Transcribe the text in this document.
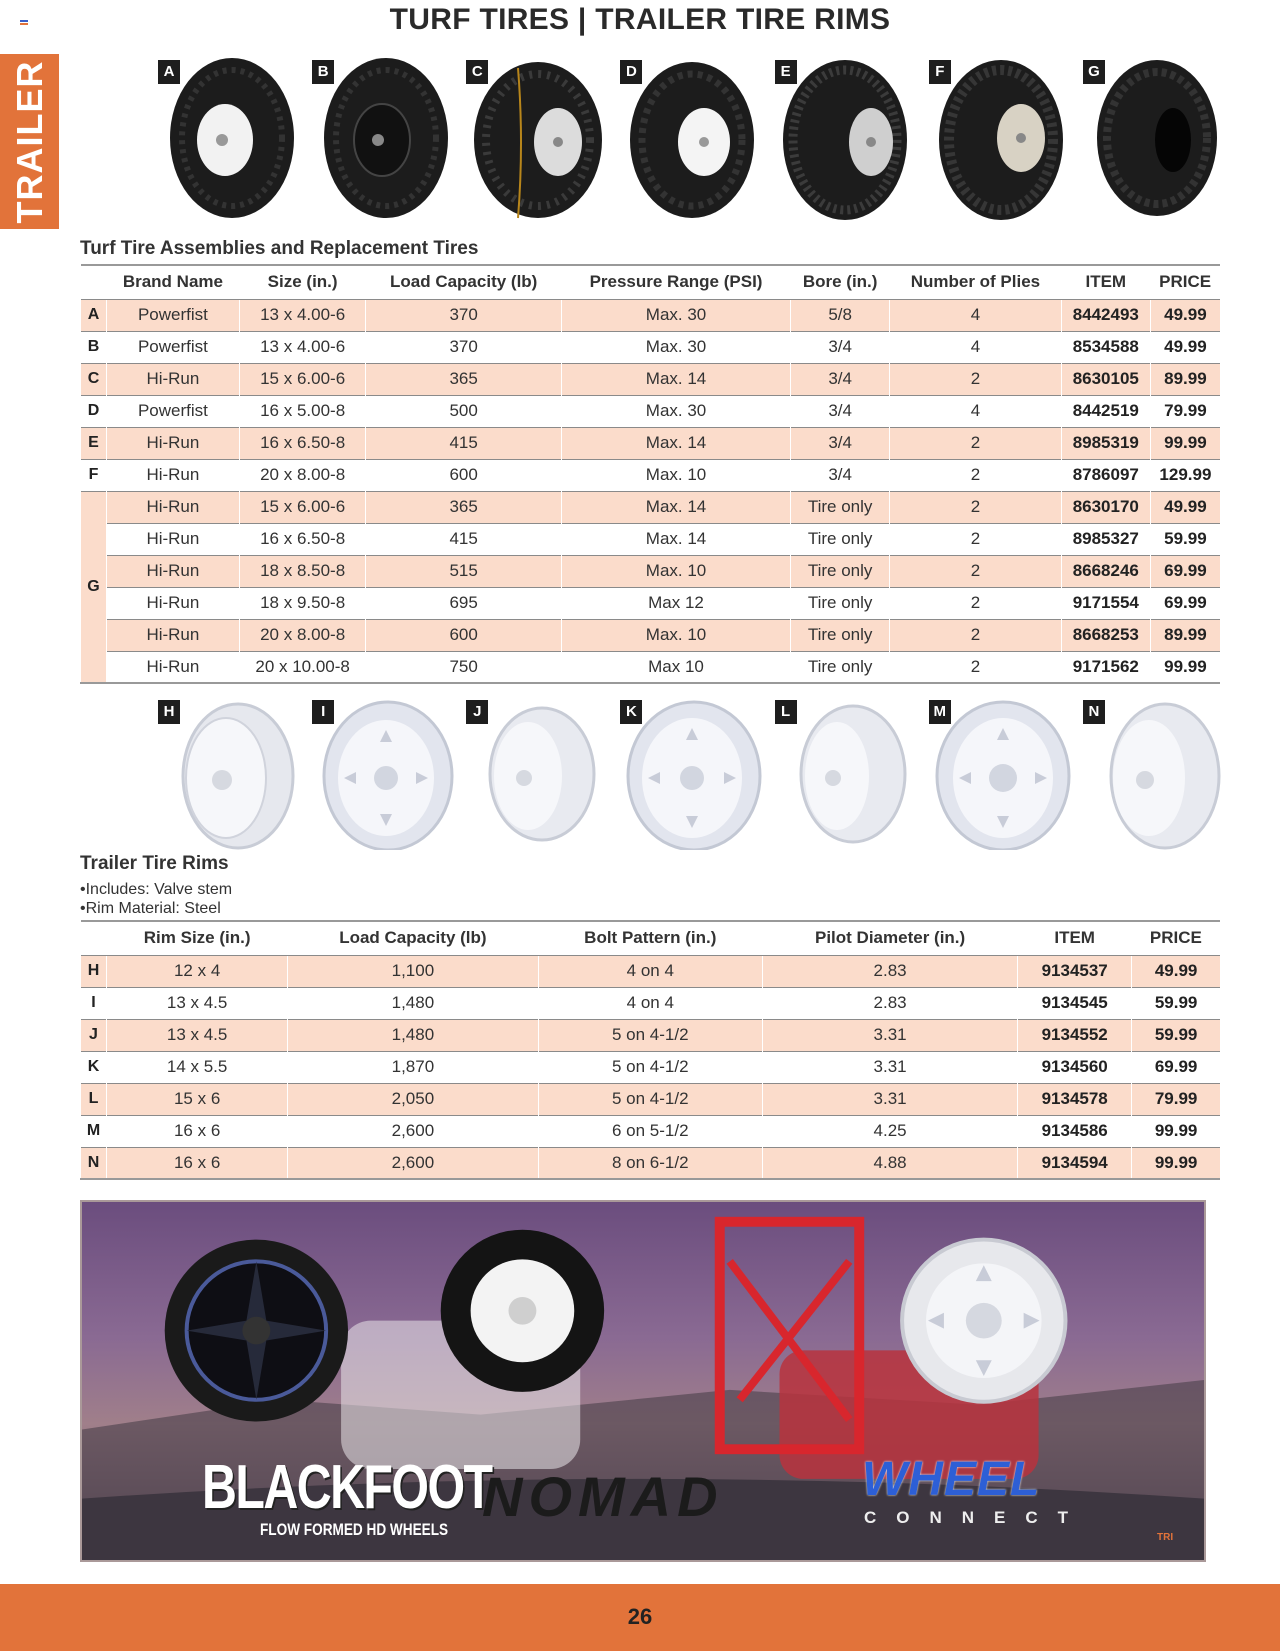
TRAILER
TURF TIRES | TRAILER TIRE RIMS
A	B	C	D	E	F	G
Turf Tire Assemblies and Replacement Tires
	Brand Name	Size (in.)	Load Capacity (lb)	Pressure Range (PSI)	Bore (in.)	Number of Plies	ITEM	PRICE
A	Powerfist	13 x 4.00-6	370	Max. 30	5/8	4	8442493	49.99
B	Powerfist	13 x 4.00-6	370	Max. 30	3/4	4	8534588	49.99
C	Hi-Run	15 x 6.00-6	365	Max. 14	3/4	2	8630105	89.99
D	Powerfist	16 x 5.00-8	500	Max. 30	3/4	4	8442519	79.99
E	Hi-Run	16 x 6.50-8	415	Max. 14	3/4	2	8985319	99.99
F	Hi-Run	20 x 8.00-8	600	Max. 10	3/4	2	8786097	129.99
G	Hi-Run	15 x 6.00-6	365	Max. 14	Tire only	2	8630170	49.99
	Hi-Run	16 x 6.50-8	415	Max. 14	Tire only	2	8985327	59.99
	Hi-Run	18 x 8.50-8	515	Max. 10	Tire only	2	8668246	69.99
	Hi-Run	18 x 9.50-8	695	Max 12	Tire only	2	9171554	69.99
	Hi-Run	20 x 8.00-8	600	Max. 10	Tire only	2	8668253	89.99
	Hi-Run	20 x 10.00-8	750	Max 10	Tire only	2	9171562	99.99
H	I	J	K	L	M	N
Trailer Tire Rims
•Includes: Valve stem
•Rim Material: Steel
	Rim Size (in.)	Load Capacity (lb)	Bolt Pattern (in.)	Pilot Diameter (in.)	ITEM	PRICE
H	12 x 4	1,100	4 on 4	2.83	9134537	49.99
I	13 x 4.5	1,480	4 on 4	2.83	9134545	59.99
J	13 x 4.5	1,480	5 on 4-1/2	3.31	9134552	59.99
K	14 x 5.5	1,870	5 on 4-1/2	3.31	9134560	69.99
L	15 x 6	2,050	5 on 4-1/2	3.31	9134578	79.99
M	16 x 6	2,600	6 on 5-1/2	4.25	9134586	99.99
N	16 x 6	2,600	8 on 6-1/2	4.88	9134594	99.99
BLACKFOOT
FLOW FORMED HD WHEELS
NOMAD	WHEEL
CONNECT
TRI
26
